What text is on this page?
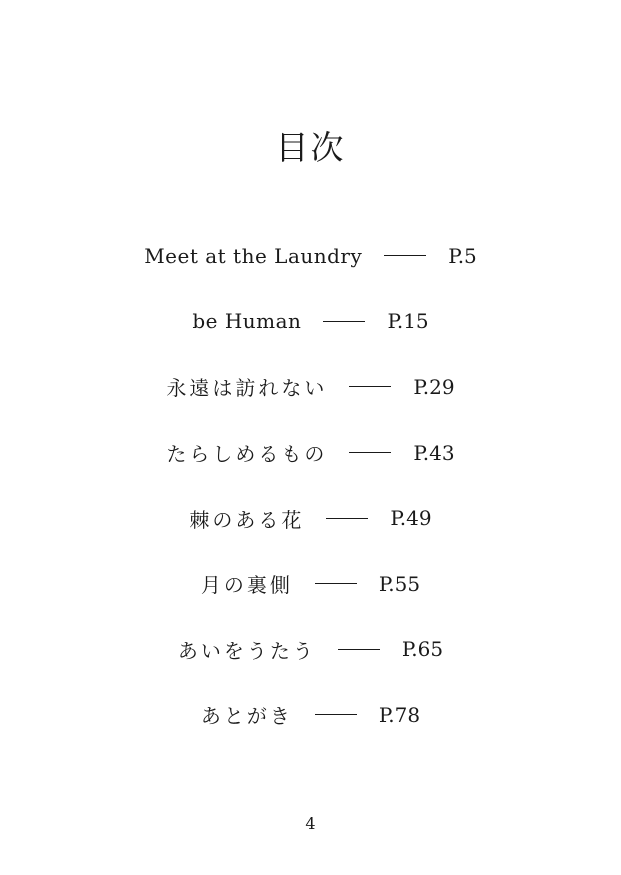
目次
Meet at the Laundry	P.5
be Human	P.15
永遠は訪れない	P.29
たらしめるもの	P.43
棘のある花	P.49
月の裏側	P.55
あいをうたう	P.65
あとがき	P.78
4
